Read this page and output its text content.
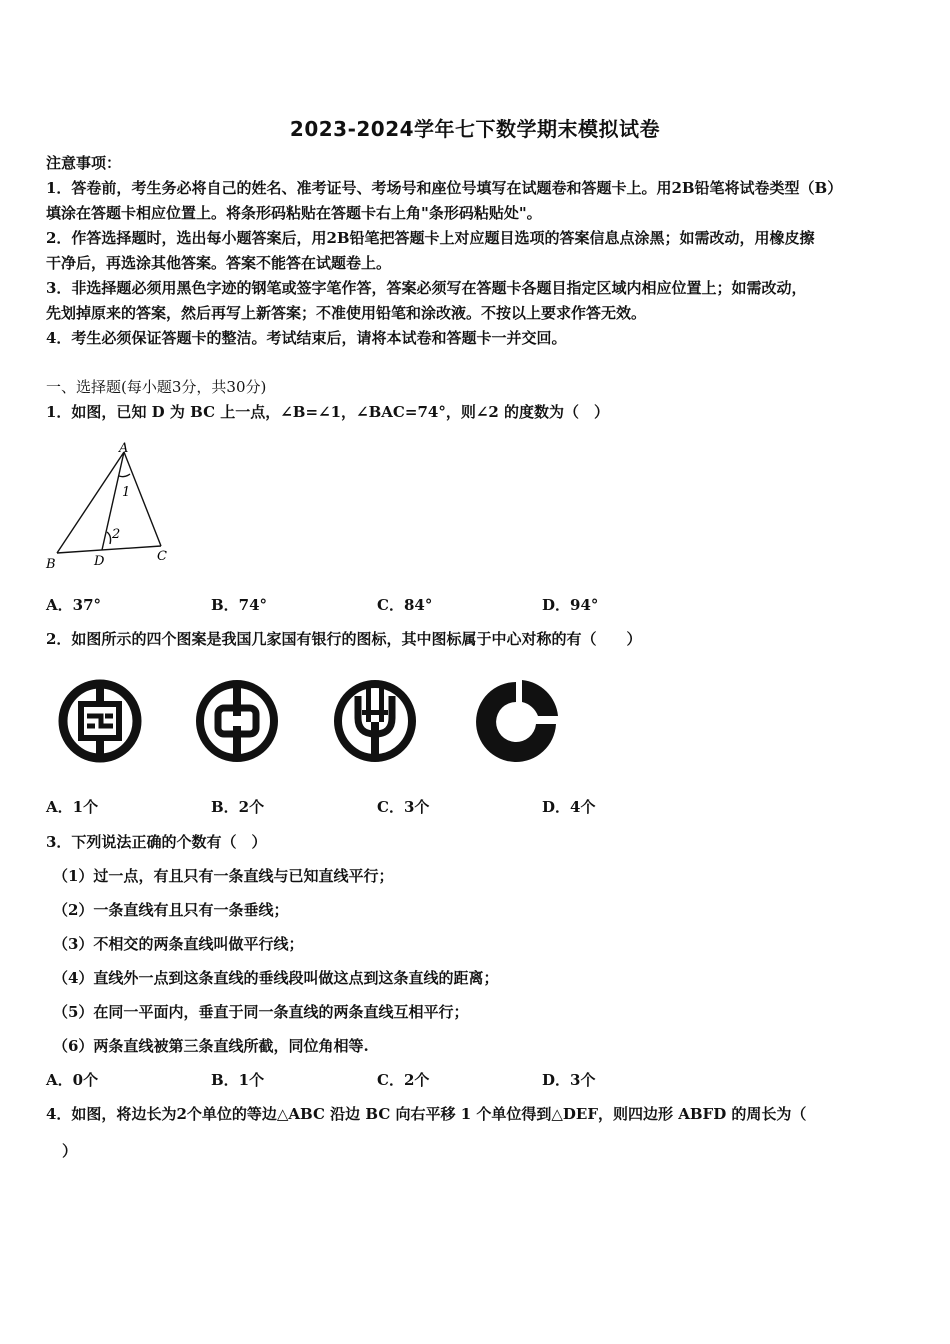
2023-2024学年七下数学期末模拟试卷
注意事项：
1．答卷前，考生务必将自己的姓名、准考证号、考场号和座位号填写在试题卷和答题卡上。用2B铅笔将试卷类型（B）
填涂在答题卡相应位置上。将条形码粘贴在答题卡右上角"条形码粘贴处"。
2．作答选择题时，选出每小题答案后，用2B铅笔把答题卡上对应题目选项的答案信息点涂黑；如需改动，用橡皮擦
干净后，再选涂其他答案。答案不能答在试题卷上。
3．非选择题必须用黑色字迹的钢笔或签字笔作答，答案必须写在答题卡各题目指定区域内相应位置上；如需改动，
先划掉原来的答案，然后再写上新答案；不准使用铅笔和涂改液。不按以上要求作答无效。
4．考生必须保证答题卡的整洁。考试结束后，请将本试卷和答题卡一并交回。
一、选择题(每小题3分，共30分)
1．如图，已知 D 为 BC 上一点，∠B=∠1，∠BAC=74°，则∠2 的度数为（　）
A
B
C
D
1
2
A．37°	B．74°	C．84°	D．94°
2．如图所示的四个图案是我国几家国有银行的图标，其中图标属于中心对称的有（　　）
A．1个	B．2个	C．3个	D．4个
3．下列说法正确的个数有（　）
（1）过一点，有且只有一条直线与已知直线平行；
（2）一条直线有且只有一条垂线；
（3）不相交的两条直线叫做平行线；
（4）直线外一点到这条直线的垂线段叫做这点到这条直线的距离；
（5）在同一平面内，垂直于同一条直线的两条直线互相平行；
（6）两条直线被第三条直线所截，同位角相等.
A．0个	B．1个	C．2个	D．3个
4．如图，将边长为2个单位的等边△ABC 沿边 BC 向右平移 1 个单位得到△DEF，则四边形 ABFD 的周长为（
）
